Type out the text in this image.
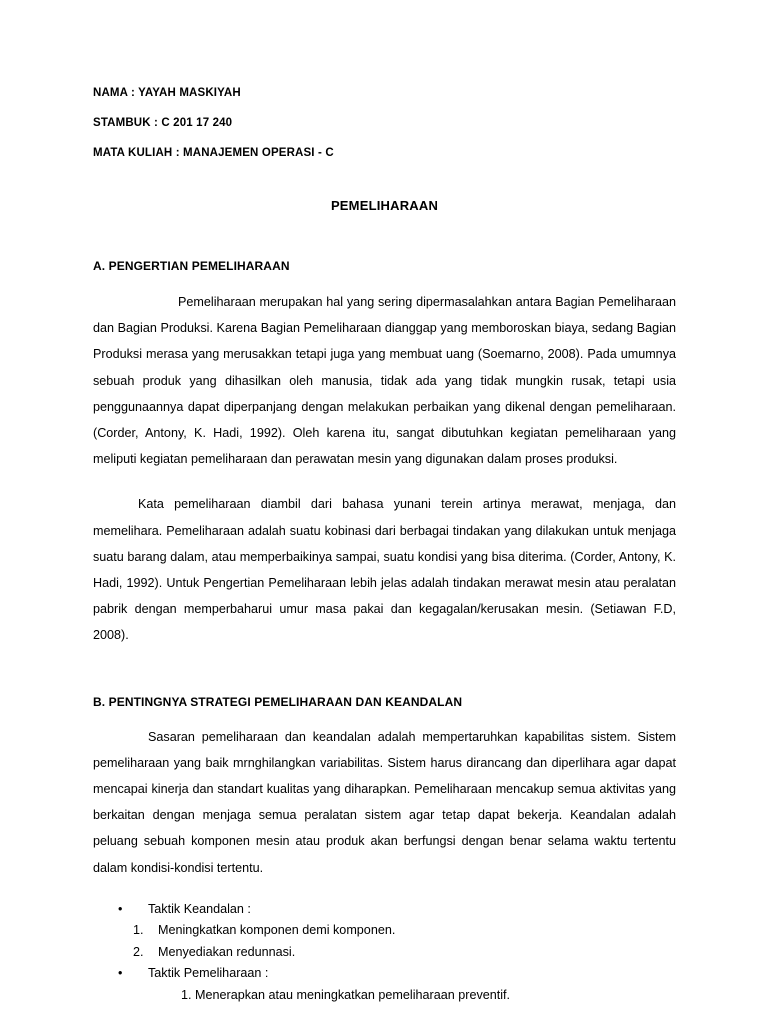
NAMA : YAYAH MASKIYAH
STAMBUK : C 201 17 240
MATA KULIAH : MANAJEMEN OPERASI - C
PEMELIHARAAN
A. PENGERTIAN PEMELIHARAAN

Pemeliharaan merupakan hal yang sering dipermasalahkan antara Bagian Pemeliharaan dan Bagian Produksi. Karena Bagian Pemeliharaan dianggap yang memboroskan biaya, sedang Bagian Produksi merasa yang merusakkan tetapi juga yang membuat uang (Soemarno, 2008). Pada umumnya sebuah produk yang dihasilkan oleh manusia, tidak ada yang tidak mungkin rusak, tetapi usia penggunaannya dapat diperpanjang dengan melakukan perbaikan yang dikenal dengan pemeliharaan. (Corder, Antony, K. Hadi, 1992). Oleh karena itu, sangat dibutuhkan kegiatan pemeliharaan yang meliputi kegiatan pemeliharaan dan perawatan mesin yang digunakan dalam proses produksi.

Kata pemeliharaan diambil dari bahasa yunani terein artinya merawat, menjaga, dan memelihara. Pemeliharaan adalah suatu kobinasi dari berbagai tindakan yang dilakukan untuk menjaga suatu barang dalam, atau memperbaikinya sampai, suatu kondisi yang bisa diterima. (Corder, Antony, K. Hadi, 1992). Untuk Pengertian Pemeliharaan lebih jelas adalah tindakan merawat mesin atau peralatan pabrik dengan memperbaharui umur masa pakai dan kegagalan/kerusakan mesin. (Setiawan F.D, 2008).

B. PENTINGNYA STRATEGI PEMELIHARAAN DAN KEANDALAN

Sasaran pemeliharaan dan keandalan adalah mempertaruhkan kapabilitas sistem. Sistem pemeliharaan yang baik mrnghilangkan variabilitas. Sistem harus dirancang dan diperlihara agar dapat mencapai kinerja dan standart kualitas yang diharapkan. Pemeliharaan mencakup semua aktivitas yang berkaitan dengan menjaga semua peralatan sistem agar tetap dapat bekerja. Keandalan adalah peluang sebuah komponen mesin atau produk akan berfungsi dengan benar selama waktu tertentu dalam kondisi-kondisi tertentu.

•	Taktik Keandalan :
1.	Meningkatkan komponen demi komponen.
2.	Menyediakan redunnasi.
•	Taktik Pemeliharaan :
1. Menerapkan atau meningkatkan pemeliharaan preventif.
